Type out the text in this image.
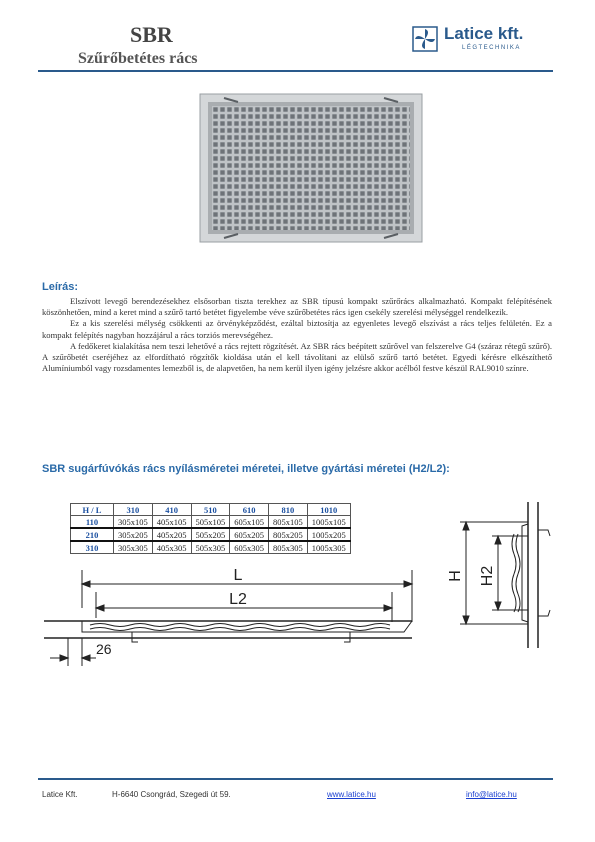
SBR
Szűrőbetétes rács
Latice kft.
LÉGTECHNIKA
Leírás:

Elszívott levegő berendezésekhez elsősorban tiszta terekhez az SBR típusú kompakt szűrőrács alkalmazható. Kompakt felépítésének köszönhetően, mind a keret mind a szűrő tartó betétet figyelembe véve szűrőbetétes rács igen csekély szerelési mélységgel rendelkezik.

Ez a kis szerelési mélység csökkenti az örvényképződést, ezáltal biztosítja az egyenletes levegő elszívást a rács teljes felületén. Ez a kompakt felépítés nagyban hozzájárul a rács torziós merevségéhez.

A fedőkeret kialakítása nem teszi lehetővé a rács rejtett rögzítését. Az SBR rács beépített szűrővel van felszerelve G4 (száraz rétegű szűrő). A szűrőbetét cseréjéhez az elfordítható rögzítők kioldása után el kell távolítani az elülső szűrő tartó betétet. Egyedi kérésre elkészíthető Alumíniumból vagy rozsdamentes lemezből is, de alapvetően, ha nem kerül ilyen igény jelzésre akkor acélból festve készül RAL9010 színre.

SBR sugárfúvókás rács nyílásméretei méretei, illetve gyártási méretei (H2/L2):
H / L	310	410	510	610	810	1010
110	305x105	405x105	505x105	605x105	805x105	1005x105
210	305x205	405x205	505x205	605x205	805x205	1005x205
310	305x305	405x305	505x305	605x305	805x305	1005x305
L
L2
26
H H2
Latice Kft.	H-6640 Csongrád, Szegedi út 59.	www.latice.hu	info@latice.hu
